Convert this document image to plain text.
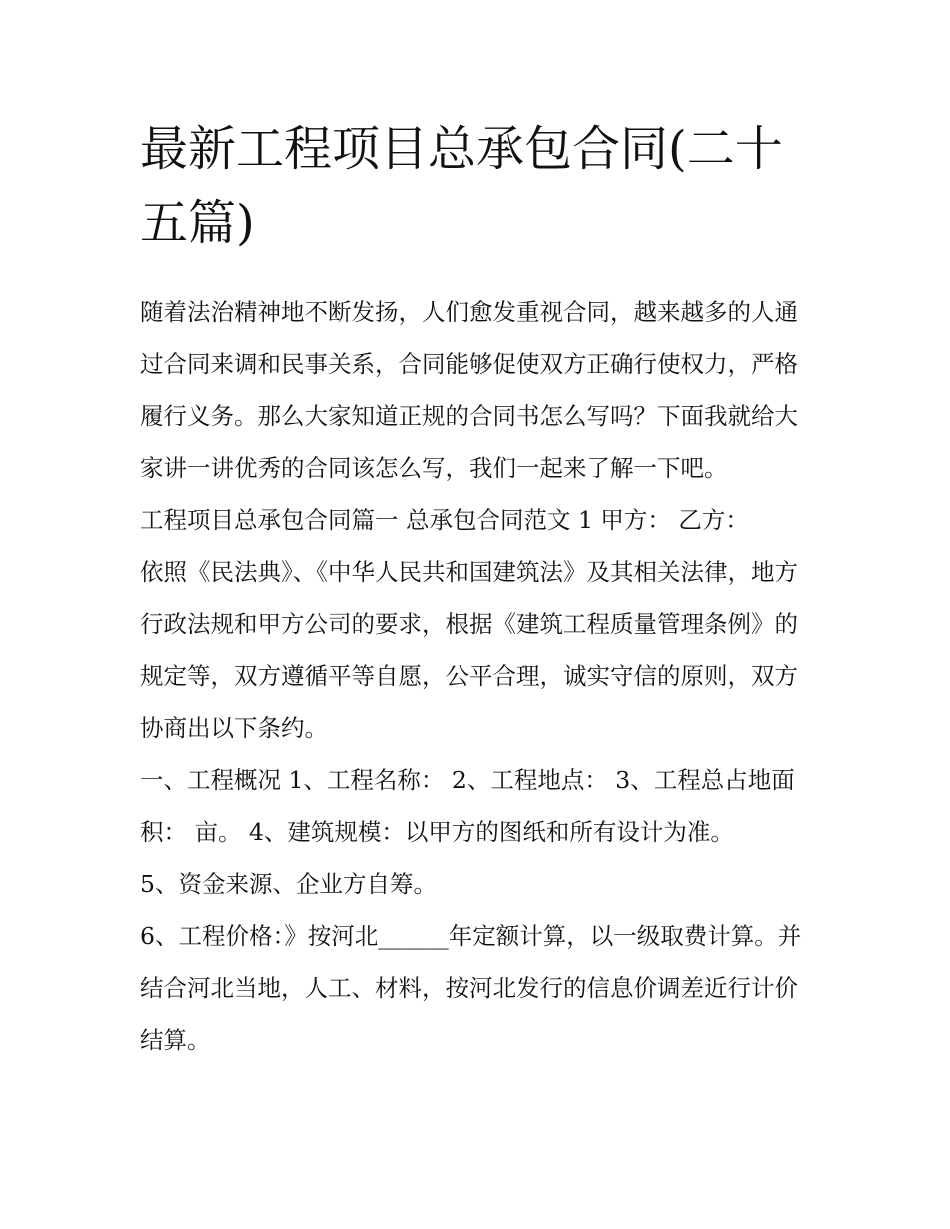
最新工程项目总承包合同(二十五篇)

随着法治精神地不断发扬，人们愈发重视合同，越来越多的人通过合同来调和民事关系，合同能够促使双方正确行使权力，严格履行义务。那么大家知道正规的合同书怎么写吗？下面我就给大家讲一讲优秀的合同该怎么写，我们一起来了解一下吧。

工程项目总承包合同篇一 总承包合同范文 1 甲方： 乙方：

依照《民法典》、《中华人民共和国建筑法》及其相关法律，地方行政法规和甲方公司的要求，根据《建筑工程质量管理条例》的规定等，双方遵循平等自愿，公平合理，诚实守信的原则，双方协商出以下条约。

一、工程概况 1、工程名称： 2、工程地点： 3、工程总占地面积： 亩。 4、建筑规模：以甲方的图纸和所有设计为准。

5、资金来源、企业方自筹。

6、工程价格：》按河北______年定额计算，以一级取费计算。并结合河北当地，人工、材料，按河北发行的信息价调差近行计价结算。
